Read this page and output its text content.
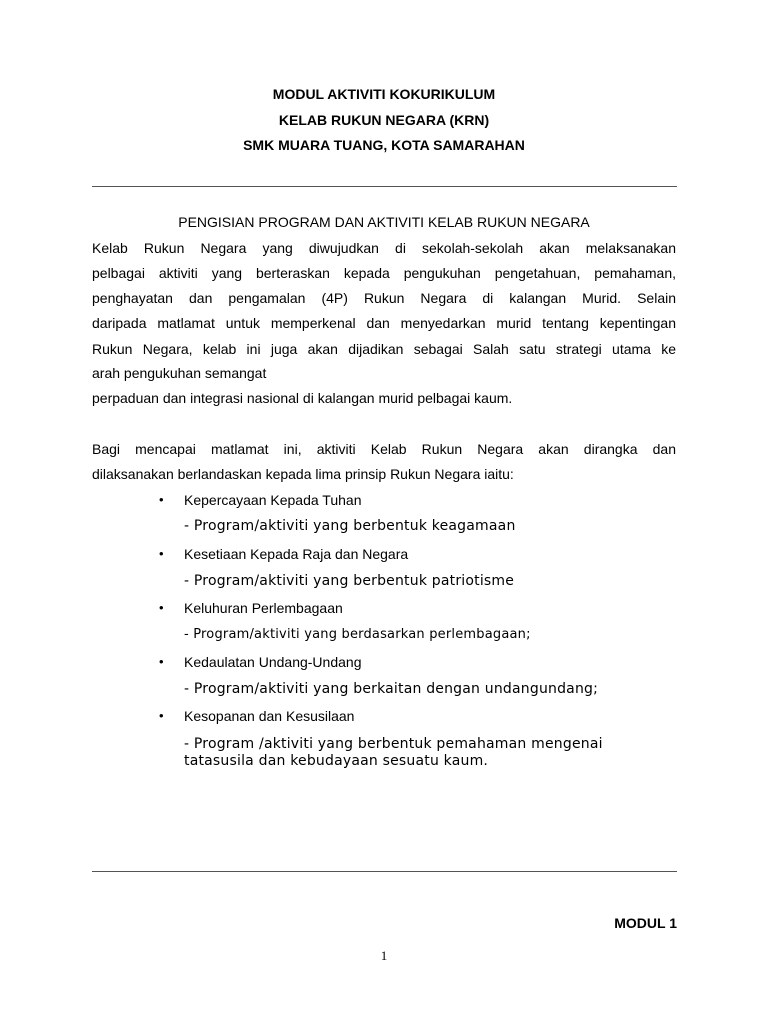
MODUL AKTIVITI KOKURIKULUM
KELAB RUKUN NEGARA (KRN)
SMK MUARA TUANG, KOTA SAMARAHAN
PENGISIAN PROGRAM DAN AKTIVITI KELAB RUKUN NEGARA
Kelab Rukun Negara yang diwujudkan di sekolah-sekolah akan melaksanakan
pelbagai aktiviti yang berteraskan kepada pengukuhan pengetahuan, pemahaman,
penghayatan dan pengamalan (4P) Rukun Negara di kalangan Murid. Selain
daripada matlamat untuk memperkenal dan menyedarkan murid tentang kepentingan
Rukun Negara, kelab ini juga akan dijadikan sebagai Salah satu strategi utama ke
arah pengukuhan semangat
perpaduan dan integrasi nasional di kalangan murid pelbagai kaum.
Bagi mencapai matlamat ini, aktiviti Kelab Rukun Negara akan dirangka dan
dilaksanakan berlandaskan kepada lima prinsip Rukun Negara iaitu:
• Kepercayaan Kepada Tuhan
- Program/aktiviti yang berbentuk keagamaan
• Kesetiaan Kepada Raja dan Negara
- Program/aktiviti yang berbentuk patriotisme
• Keluhuran Perlembagaan
- Program/aktiviti yang berdasarkan perlembagaan;
• Kedaulatan Undang-Undang
- Program/aktiviti yang berkaitan dengan undangundang;
• Kesopanan dan Kesusilaan
- Program /aktiviti yang berbentuk pemahaman mengenai
tatasusila dan kebudayaan sesuatu kaum.
MODUL 1
1
